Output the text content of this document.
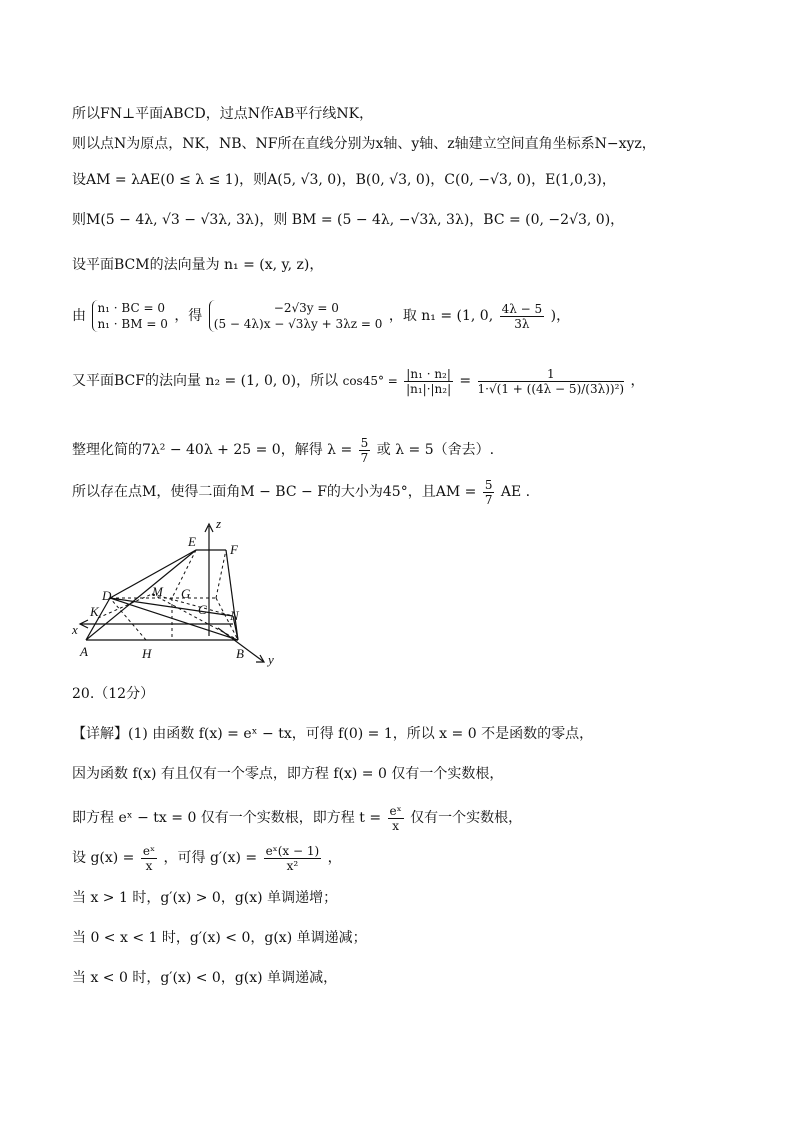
所以FN⊥平面ABCD，过点N作AB平行线NK，
则以点N为原点，NK，NB、NF所在直线分别为x轴、y轴、z轴建立空间直角坐标系N−xyz，
设AM = λAE(0 ≤ λ ≤ 1)，则A(5, √3, 0)，B(0, √3, 0)，C(0, −√3, 0)，E(1,0,3)，
则M(5 − 4λ, √3 − √3λ, 3λ)，则 BM = (5 − 4λ, −√3λ, 3λ)，BC = (0, −2√3, 0)，
设平面BCM的法向量为 n₁ = (x, y, z)，
由 n₁ · BC = 0
n₁ · BM = 0 ，得	−2√3y = 0
(5 − 4λ)x − √3λy + 3λz = 0 ，取 n₁ = (1, 0, $\frac{4\lambda - 5}{3\lambda}$ )，
又平面BCF的法向量 n₂ = (1, 0, 0)，所以 $\cos 45^\circ = \frac{\text{|n₁ · n₂|}}{\text{|n₁|·|n₂|}} = \frac{1}{\text{1·√(1 + ((4λ − 5)/(3λ))²)}}$ ，
整理化简的7λ² − 40λ + 25 = 0，解得 $\lambda = \frac{5}{7}$ 或 λ = 5（舍去）.
所以存在点M，使得二面角M − BC − F的大小为45°，且AM = $\frac{5}{7}$ AE .
z
E
F
D	M G
K	C N
x
A	H	B y
20.（12分）
【详解】(1) 由函数 f(x) = eˣ − tx，可得 f(0) = 1，所以 x = 0 不是函数的零点，
因为函数 f(x) 有且仅有一个零点，即方程 f(x) = 0 仅有一个实数根，
即方程 eˣ − tx = 0 仅有一个实数根，即方程 $t = \frac{\text{eˣ}}{x}$ 仅有一个实数根，
设 $g(x) = \frac{\text{eˣ}}{x}$ ，可得 $g'(x) = \frac{\text{eˣ(x − 1)}}{\text{x²}}$ ，
当 x > 1 时，g′(x) > 0，g(x) 单调递增；
当 0 < x < 1 时，g′(x) < 0，g(x) 单调递减；
当 x < 0 时，g′(x) < 0，g(x) 单调递减，
